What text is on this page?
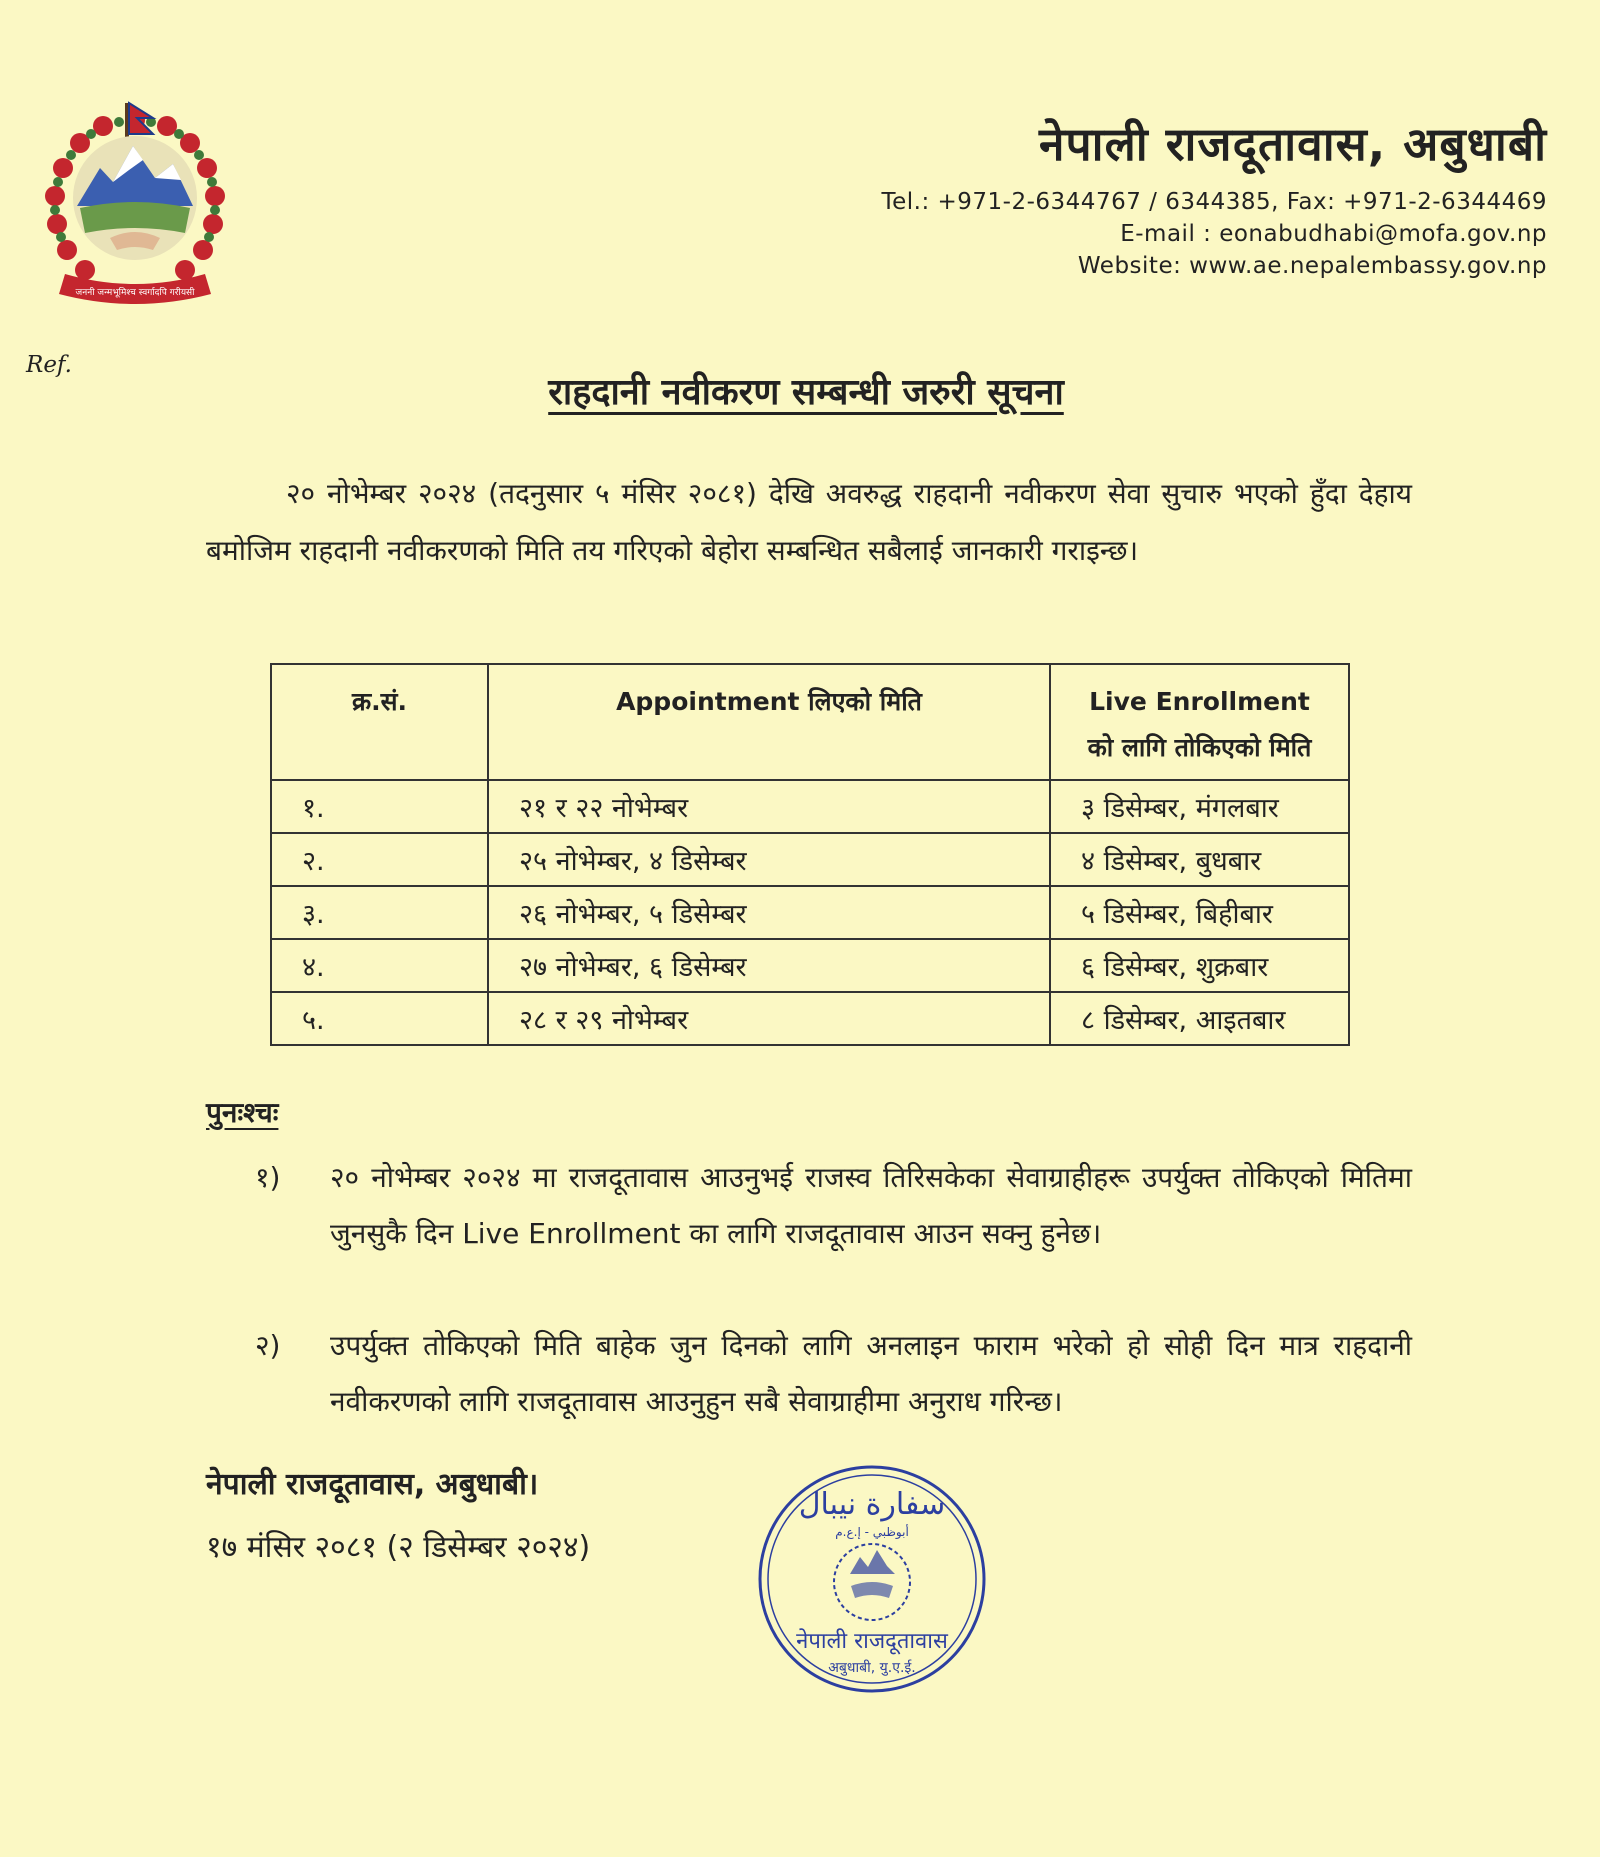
जननी जन्मभूमिश्च स्वर्गादपि गरीयसी

नेपाली राजदूतावास, अबुधाबी

Tel.: +971-2-6344767 / 6344385, Fax: +971-2-6344469

E-mail : eonabudhabi@mofa.gov.np

Website: www.ae.nepalembassy.gov.np

Ref.
राहदानी नवीकरण सम्बन्धी जरुरी सूचना

२० नोभेम्बर २०२४ (तदनुसार ५ मंसिर २०८१) देखि अवरुद्ध राहदानी नवीकरण सेवा सुचारु भएको हुँदा देहाय बमोजिम राहदानी नवीकरणको मिति तय गरिएको बेहोरा सम्बन्धित सबैलाई जानकारी गराइन्छ।

क्र.सं.	Appointment लिएको मिति	Live Enrollment को लागि तोकिएको मिति
१.	२१ र २२ नोभेम्बर	३ डिसेम्बर, मंगलबार
२.	२५ नोभेम्बर, ४ डिसेम्बर	४ डिसेम्बर, बुधबार
३.	२६ नोभेम्बर, ५ डिसेम्बर	५ डिसेम्बर, बिहीबार
४.	२७ नोभेम्बर, ६ डिसेम्बर	६ डिसेम्बर, शुक्रबार
५.	२८ र २९ नोभेम्बर	८ डिसेम्बर, आइतबार
पुनःश्चः
१) २० नोभेम्बर २०२४ मा राजदूतावास आउनुभई राजस्व तिरिसकेका सेवाग्राहीहरू उपर्युक्त तोकिएको मितिमा जुनसुकै दिन Live Enrollment का लागि राजदूतावास आउन सक्नु हुनेछ।

२) उपर्युक्त तोकिएको मिति बाहेक जुन दिनको लागि अनलाइन फाराम भरेको हो सोही दिन मात्र राहदानी नवीकरणको लागि राजदूतावास आउनुहुन सबै सेवाग्राहीमा अनुराध गरिन्छ।

नेपाली राजदूतावास, अबुधाबी।
१७ मंसिर २०८१ (२ डिसेम्बर २०२४)
سفارة نيبال
أبوظبي - إ.ع.م
नेपाली राजदूतावास
अबुधाबी, यु.ए.ई.
